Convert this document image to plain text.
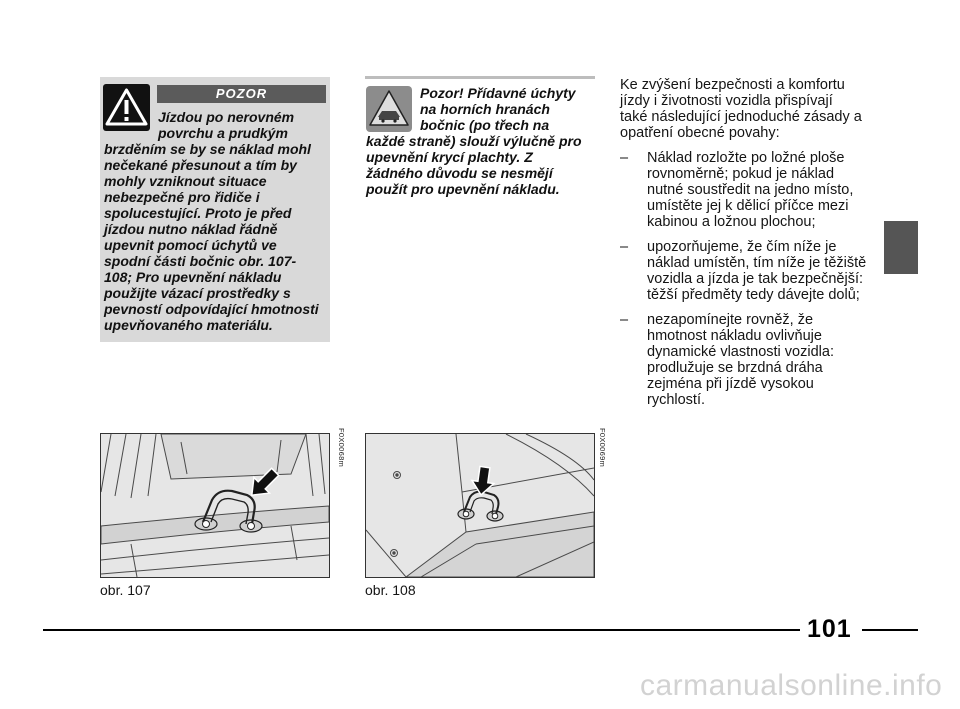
POZOR
Jízdou po nerovném
povrchu a prudkým
brzděním se by se náklad mohl
nečekané přesunout a tím by
mohly vzniknout situace
nebezpečné pro řidiče i
spolucestující. Proto je před
jízdou nutno náklad řádně
upevnit pomocí úchytů ve
spodní části bočnic obr. 107-
108; Pro upevnění nákladu
použijte vázací prostředky s
pevností odpovídající hmotnosti
upevňovaného materiálu.
Pozor! Přídavné úchyty
na horních hranách
bočnic (po třech na
každé straně) slouží výlučně pro
upevnění krycí plachty. Z
žádného důvodu se nesmějí
použít pro upevnění nákladu.
Ke zvýšení bezpečnosti a komfortu
jízdy i životnosti vozidla přispívají
také následující jednoduché zásady a
opatření obecné povahy:
– Náklad rozložte po ložné ploše
rovnoměrně; pokud je náklad
nutné soustředit na jedno místo,
umístěte jej k dělicí příčce mezi
kabinou a ložnou plochou;
– upozorňujeme, že čím níže je
náklad umístěn, tím níže je těžiště
vozidla a jízda je tak bezpečnější:
těžší předměty tedy dávejte dolů;
– nezapomínejte rovněž, že
hmotnost nákladu ovlivňuje
dynamické vlastnosti vozidla:
prodlužuje se brzdná dráha
zejména při jízdě vysokou
rychlostí.
F0X0068m
obr. 107
F0X0069m
obr. 108
101
carmanualsonline.info
